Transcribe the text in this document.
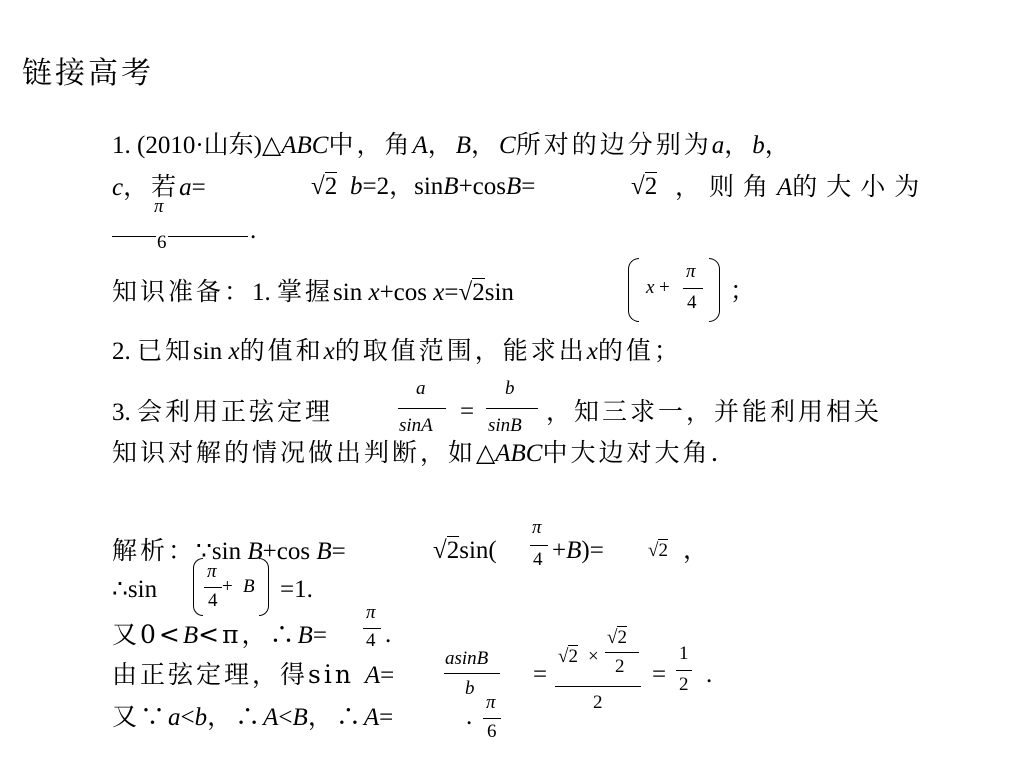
链接高考
1. (2010·山东)△ABC中，角A，B，C所对的边分别为a，b，
c，若a=	√2 b=2，sinB+cosB=	√2 ，则角A的大小为
π
6	.
知识准备：1. 掌握sin x+cos x=√2sin	x +
π
4 ；
2. 已知sin x的值和x的取值范围，能求出x的值；
3. 会利用正弦定理
a
sinA
=
b
sinB ，知三求一，并能利用相关
知识对解的情况做出判断，如△ABC中大边对大角.
解析：∵sin B+cos B=	√2sin(
π
4 +B)= √2 ，
∴sin
π
4
+ B =1.
又0<B<π，∴B=
π
4 .
由正弦定理，得sin A=
asinB
b
=
√2 ×
√2
2
2
=
1
2 .
又∵a<b，∴A<B，∴A=	.
π
6
